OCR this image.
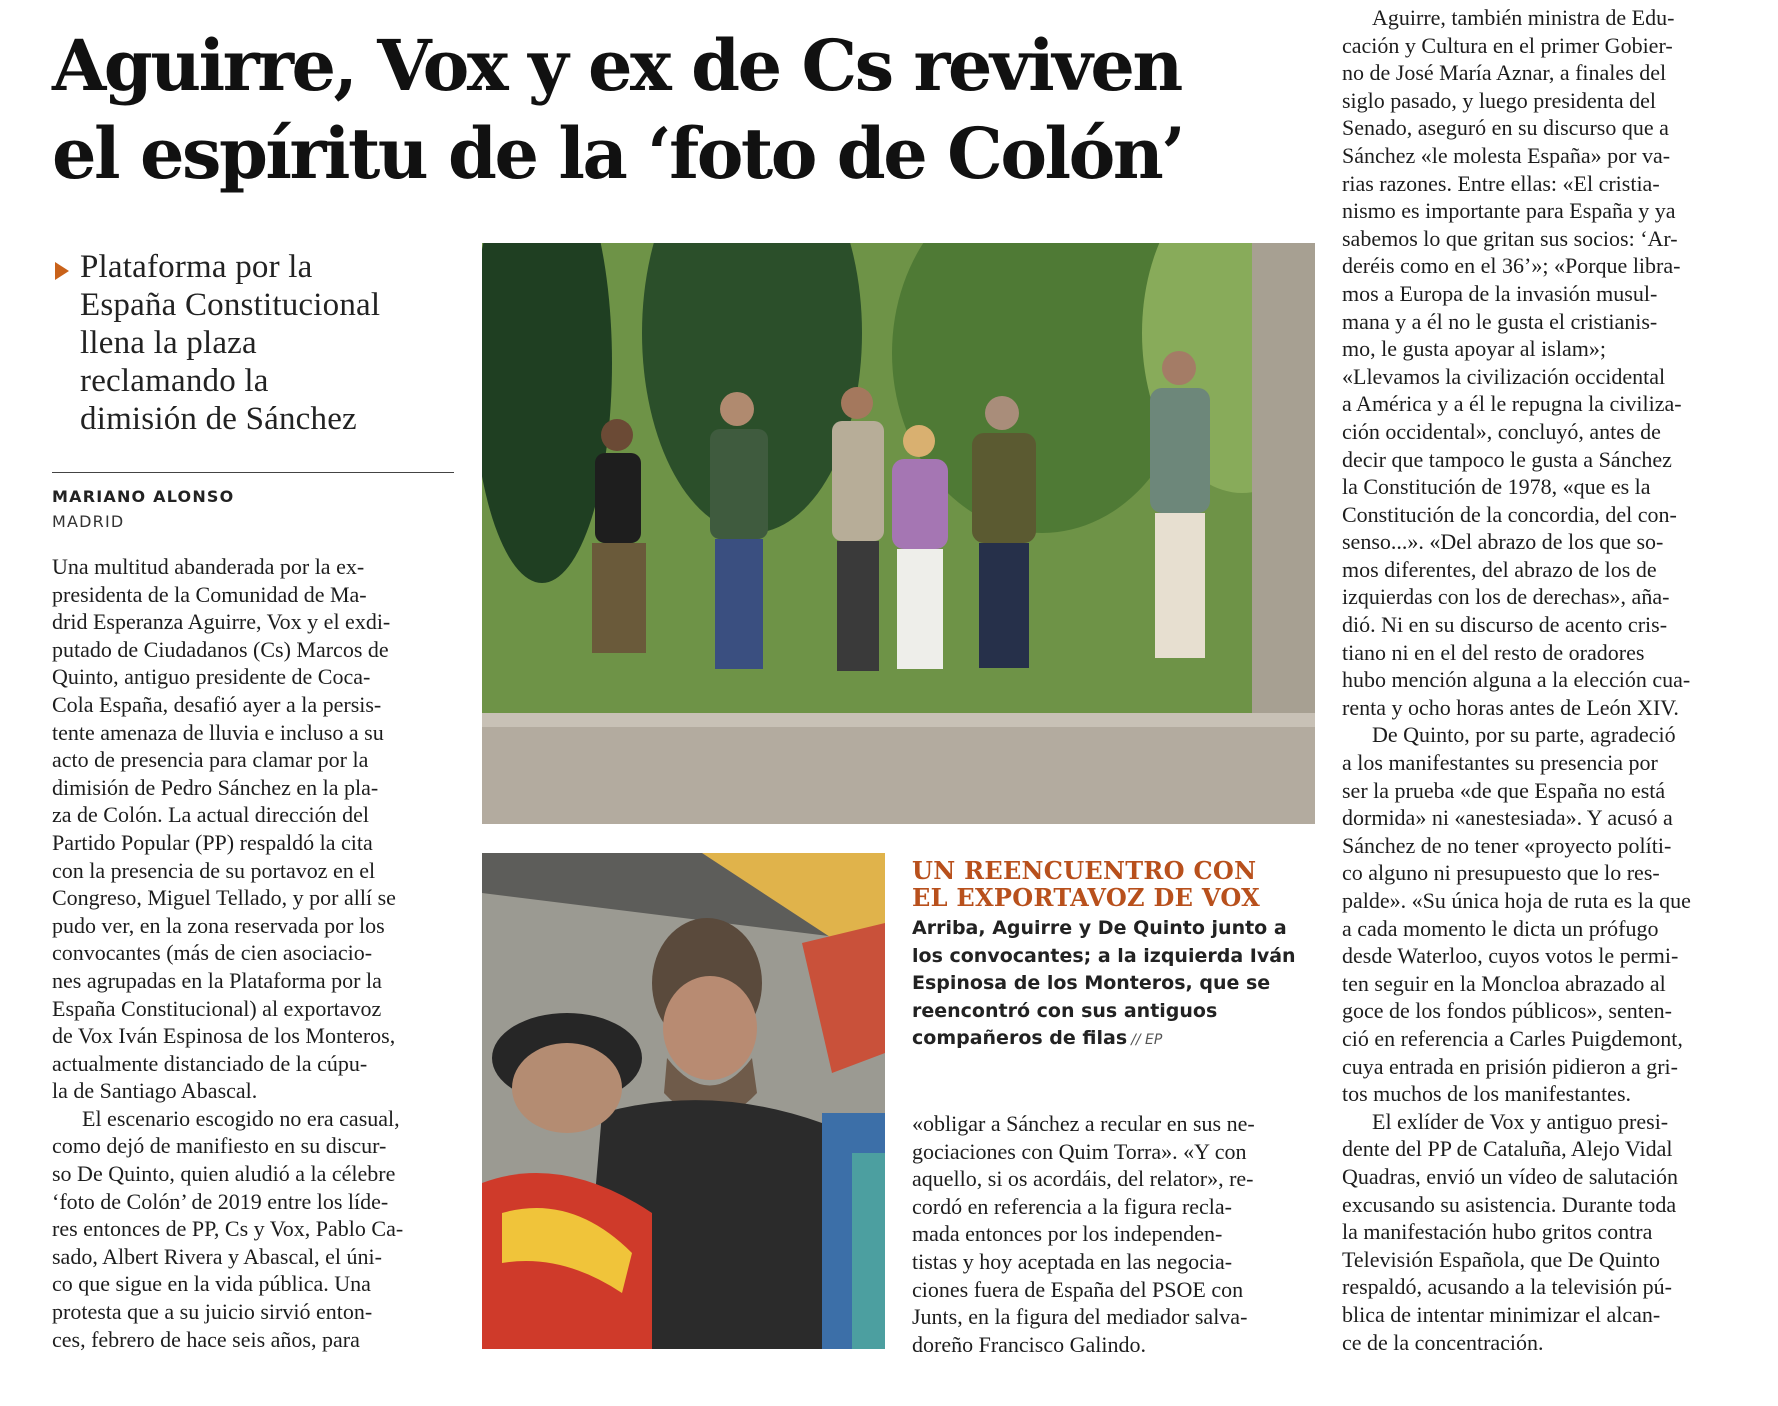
Aguirre, Vox y ex de Cs reviven
el espíritu de la ‘foto de Colón’
Plataforma por la
España Constitucional
llena la plaza
reclamando la
dimisión de Sánchez
MARIANO ALONSO
MADRID
Una multitud abanderada por la ex-
presidenta de la Comunidad de Ma-
drid Esperanza Aguirre, Vox y el exdi-
putado de Ciudadanos (Cs) Marcos de
Quinto, antiguo presidente de Coca-
Cola España, desafió ayer a la persis-
tente amenaza de lluvia e incluso a su
acto de presencia para clamar por la
dimisión de Pedro Sánchez en la pla-
za de Colón. La actual dirección del
Partido Popular (PP) respaldó la cita
con la presencia de su portavoz en el
Congreso, Miguel Tellado, y por allí se
pudo ver, en la zona reservada por los
convocantes (más de cien asociacio-
nes agrupadas en la Plataforma por la
España Constitucional) al exportavoz
de Vox Iván Espinosa de los Monteros,
actualmente distanciado de la cúpu-
la de Santiago Abascal.
El escenario escogido no era casual,
como dejó de manifiesto en su discur-
so De Quinto, quien aludió a la célebre
‘foto de Colón’ de 2019 entre los líde-
res entonces de PP, Cs y Vox, Pablo Ca-
sado, Albert Rivera y Abascal, el úni-
co que sigue en la vida pública. Una
protesta que a su juicio sirvió enton-
ces, febrero de hace seis años, para
UN REENCUENTRO CON
EL EXPORTAVOZ DE VOX
Arriba, Aguirre y De Quinto junto a
los convocantes; a la izquierda Iván
Espinosa de los Monteros, que se
reencontró con sus antiguos
compañeros de filas // EP
«obligar a Sánchez a recular en sus ne-
gociaciones con Quim Torra». «Y con
aquello, si os acordáis, del relator», re-
cordó en referencia a la figura recla-
mada entonces por los independen-
tistas y hoy aceptada en las negocia-
ciones fuera de España del PSOE con
Junts, en la figura del mediador salva-
doreño Francisco Galindo.
Aguirre, también ministra de Edu-
cación y Cultura en el primer Gobier-
no de José María Aznar, a finales del
siglo pasado, y luego presidenta del
Senado, aseguró en su discurso que a
Sánchez «le molesta España» por va-
rias razones. Entre ellas: «El cristia-
nismo es importante para España y ya
sabemos lo que gritan sus socios: ‘Ar-
deréis como en el 36’»; «Porque libra-
mos a Europa de la invasión musul-
mana y a él no le gusta el cristianis-
mo, le gusta apoyar al islam»;
«Llevamos la civilización occidental
a América y a él le repugna la civiliza-
ción occidental», concluyó, antes de
decir que tampoco le gusta a Sánchez
la Constitución de 1978, «que es la
Constitución de la concordia, del con-
senso...». «Del abrazo de los que so-
mos diferentes, del abrazo de los de
izquierdas con los de derechas», aña-
dió. Ni en su discurso de acento cris-
tiano ni en el del resto de oradores
hubo mención alguna a la elección cua-
renta y ocho horas antes de León XIV.
De Quinto, por su parte, agradeció
a los manifestantes su presencia por
ser la prueba «de que España no está
dormida» ni «anestesiada». Y acusó a
Sánchez de no tener «proyecto políti-
co alguno ni presupuesto que lo res-
palde». «Su única hoja de ruta es la que
a cada momento le dicta un prófugo
desde Waterloo, cuyos votos le permi-
ten seguir en la Moncloa abrazado al
goce de los fondos públicos», senten-
ció en referencia a Carles Puigdemont,
cuya entrada en prisión pidieron a gri-
tos muchos de los manifestantes.
El exlíder de Vox y antiguo presi-
dente del PP de Cataluña, Alejo Vidal
Quadras, envió un vídeo de salutación
excusando su asistencia. Durante toda
la manifestación hubo gritos contra
Televisión Española, que De Quinto
respaldó, acusando a la televisión pú-
blica de intentar minimizar el alcan-
ce de la concentración.
